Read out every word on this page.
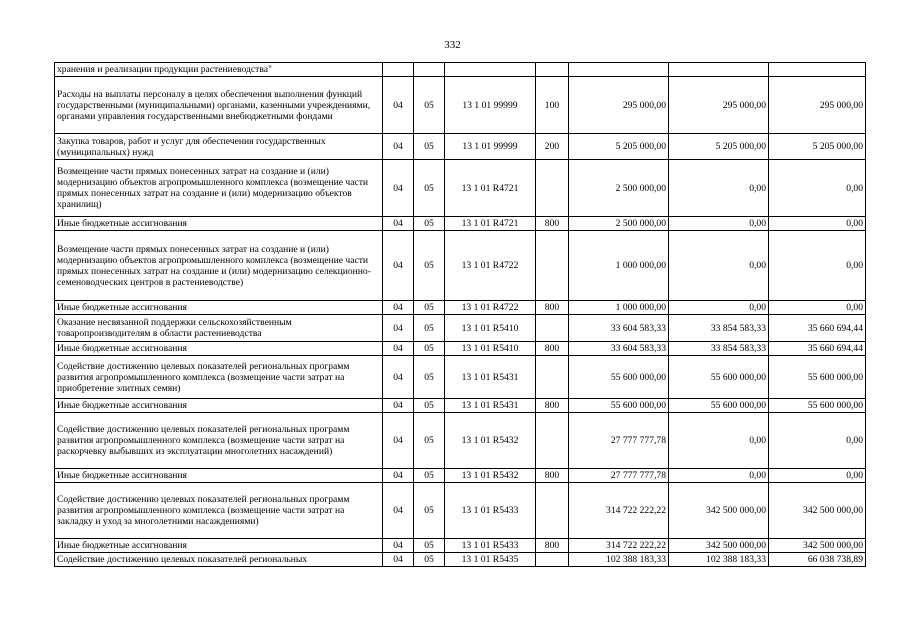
332
хранения и реализации продукции растениеводства"							
Расходы на выплаты персоналу в целях обеспечения выполнения функций государственными (муниципальными) органами, казенными учреждениями, органами управления государственными внебюджетными фондами	04	05	13 1 01 99999	100	295 000,00	295 000,00	295 000,00
Закупка товаров, работ и услуг для обеспечения государственных (муниципальных) нужд	04	05	13 1 01 99999	200	5 205 000,00	5 205 000,00	5 205 000,00
Возмещение части прямых понесенных затрат на создание и (или) модернизацию объектов агропромышленного комплекса (возмещение части прямых понесенных затрат на создание и (или) модернизацию объектов хранилищ)	04	05	13 1 01 R4721		2 500 000,00	0,00	0,00
Иные бюджетные ассигнования	04	05	13 1 01 R4721	800	2 500 000,00	0,00	0,00
Возмещение части прямых понесенных затрат на создание и (или) модернизацию объектов агропромышленного комплекса (возмещение части прямых понесенных затрат на создание и (или) модернизацию селекционно-семеноводческих центров в растениеводстве)	04	05	13 1 01 R4722		1 000 000,00	0,00	0,00
Иные бюджетные ассигнования	04	05	13 1 01 R4722	800	1 000 000,00	0,00	0,00
Оказание несвязанной поддержки сельскохозяйственным товаропроизводителям в области растениеводства	04	05	13 1 01 R5410		33 604 583,33	33 854 583,33	35 660 694,44
Иные бюджетные ассигнования	04	05	13 1 01 R5410	800	33 604 583,33	33 854 583,33	35 660 694,44
Содействие достижению целевых показателей региональных программ развития агропромышленного комплекса (возмещение части затрат на приобретение элитных семян)	04	05	13 1 01 R5431		55 600 000,00	55 600 000,00	55 600 000,00
Иные бюджетные ассигнования	04	05	13 1 01 R5431	800	55 600 000,00	55 600 000,00	55 600 000,00
Содействие достижению целевых показателей региональных программ развития агропромышленного комплекса (возмещение части затрат на раскорчевку выбывших из эксплуатации многолетних насаждений)	04	05	13 1 01 R5432		27 777 777,78	0,00	0,00
Иные бюджетные ассигнования	04	05	13 1 01 R5432	800	27 777 777,78	0,00	0,00
Содействие достижению целевых показателей региональных программ развития агропромышленного комплекса (возмещение части затрат на закладку и уход за многолетними насаждениями)	04	05	13 1 01 R5433		314 722 222,22	342 500 000,00	342 500 000,00
Иные бюджетные ассигнования	04	05	13 1 01 R5433	800	314 722 222,22	342 500 000,00	342 500 000,00
Содействие достижению целевых показателей региональных	04	05	13 1 01 R5435		102 388 183,33	102 388 183,33	66 038 738,89
